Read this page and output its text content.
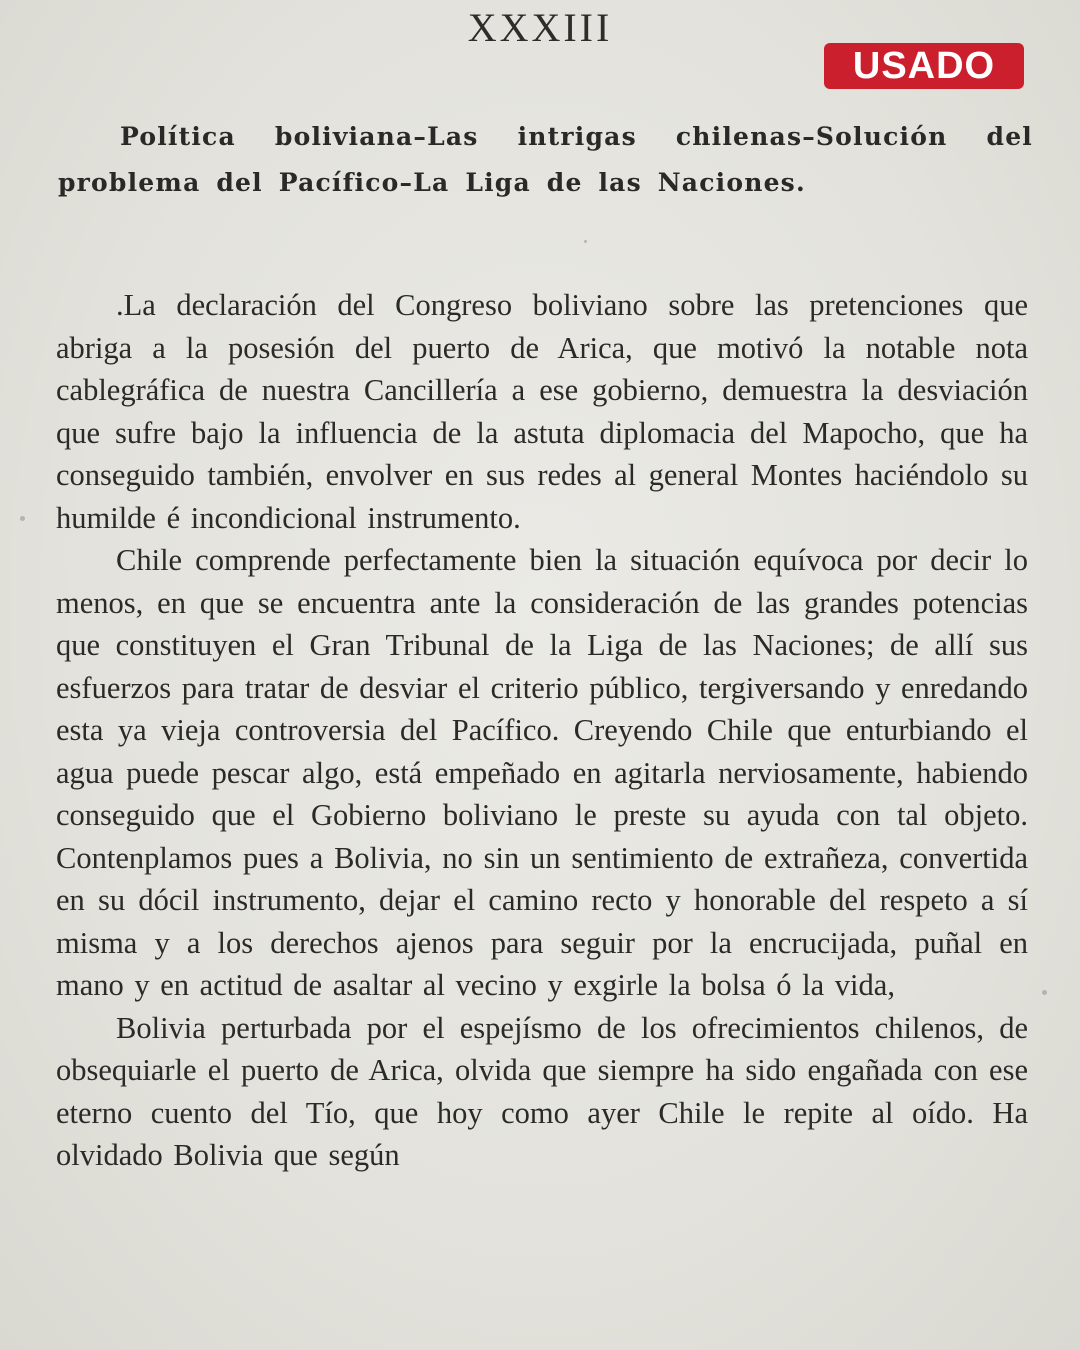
XXXIII
USADO
Política boliviana–Las intrigas chilenas–Solución del problema del Pacífico–La Liga de las Naciones.

.La declaración del Congreso boliviano sobre las pretenciones que abriga a la posesión del puerto de Arica, que motivó la notable nota cablegráfica de nuestra Cancillería a ese gobierno, demuestra la desviación que sufre bajo la influencia de la astuta diplomacia del Mapocho, que ha conseguido también, envolver en sus redes al general Montes haciéndolo su humilde é incondicional instrumento.

Chile comprende perfectamente bien la situación equívoca por decir lo menos, en que se encuentra ante la consideración de las grandes potencias que constituyen el Gran Tribunal de la Liga de las Naciones; de allí sus esfuerzos para tratar de desviar el criterio público, tergiversando y enredando esta ya vieja controversia del Pacífico. Creyendo Chile que enturbiando el agua puede pescar algo, está empeñado en agitarla nerviosamente, habiendo conseguido que el Gobierno boliviano le preste su ayuda con tal objeto. Contenplamos pues a Bolivia, no sin un sentimiento de extrañeza, convertida en su dócil instrumento, dejar el camino recto y honorable del respeto a sí misma y a los derechos ajenos para seguir por la encrucijada, puñal en mano y en actitud de asaltar al vecino y exgirle la bolsa ó la vida,

Bolivia perturbada por el espejísmo de los ofrecimientos chilenos, de obsequiarle el puerto de Arica, olvida que siempre ha sido engañada con ese eterno cuento del Tío, que hoy como ayer Chile le repite al oído. Ha olvidado Bolivia que según
